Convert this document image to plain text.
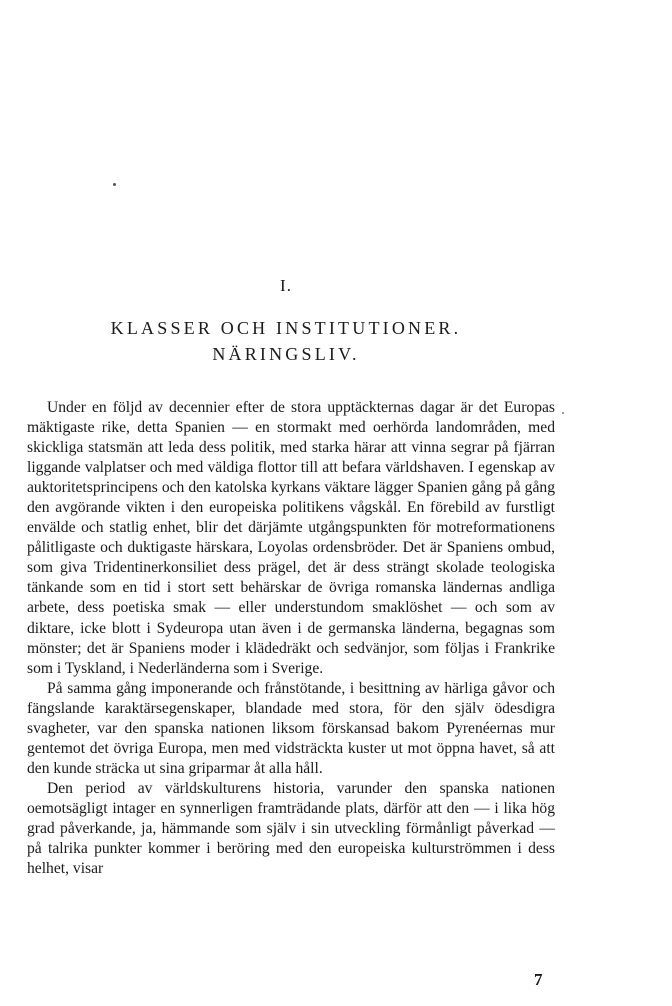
I.
KLASSER OCH INSTITUTIONER.
NÄRINGSLIV.

Under en följd av decennier efter de stora upptäckternas dagar är det Europas mäktigaste rike, detta Spanien — en stormakt med oerhörda landområden, med skickliga statsmän att leda dess politik, med starka härar att vinna segrar på fjärran liggande valplatser och med väldiga flottor till att befara världshaven. I egenskap av auktoritetsprincipens och den katolska kyrkans väktare lägger Spanien gång på gång den avgörande vikten i den europeiska politikens vågskål. En förebild av furstligt envälde och statlig enhet, blir det därjämte utgångspunkten för motreformationens pålitligaste och duktigaste härskara, Loyolas ordensbröder. Det är Spaniens ombud, som giva Tridentinerkonsiliet dess prägel, det är dess strängt skolade teologiska tänkande som en tid i stort sett behärskar de övriga romanska ländernas andliga arbete, dess poetiska smak — eller understundom smaklöshet — och som av diktare, icke blott i Sydeuropa utan även i de germanska länderna, begagnas som mönster; det är Spaniens moder i klädedräkt och sedvänjor, som följas i Frankrike som i Tyskland, i Nederländerna som i Sverige.

På samma gång imponerande och frånstötande, i besittning av härliga gåvor och fängslande karaktärsegenskaper, blandade med stora, för den själv ödesdigra svagheter, var den spanska nationen liksom förskansad bakom Pyrenéernas mur gentemot det övriga Europa, men med vidsträckta kuster ut mot öppna havet, så att den kunde sträcka ut sina griparmar åt alla håll.

Den period av världskulturens historia, varunder den spanska nationen oemotsägligt intager en synnerligen framträdande plats, därför att den — i lika hög grad påverkande, ja, hämmande som själv i sin utveckling förmånligt påverkad — på talrika punkter kommer i beröring med den europeiska kulturströmmen i dess helhet, visar

7
